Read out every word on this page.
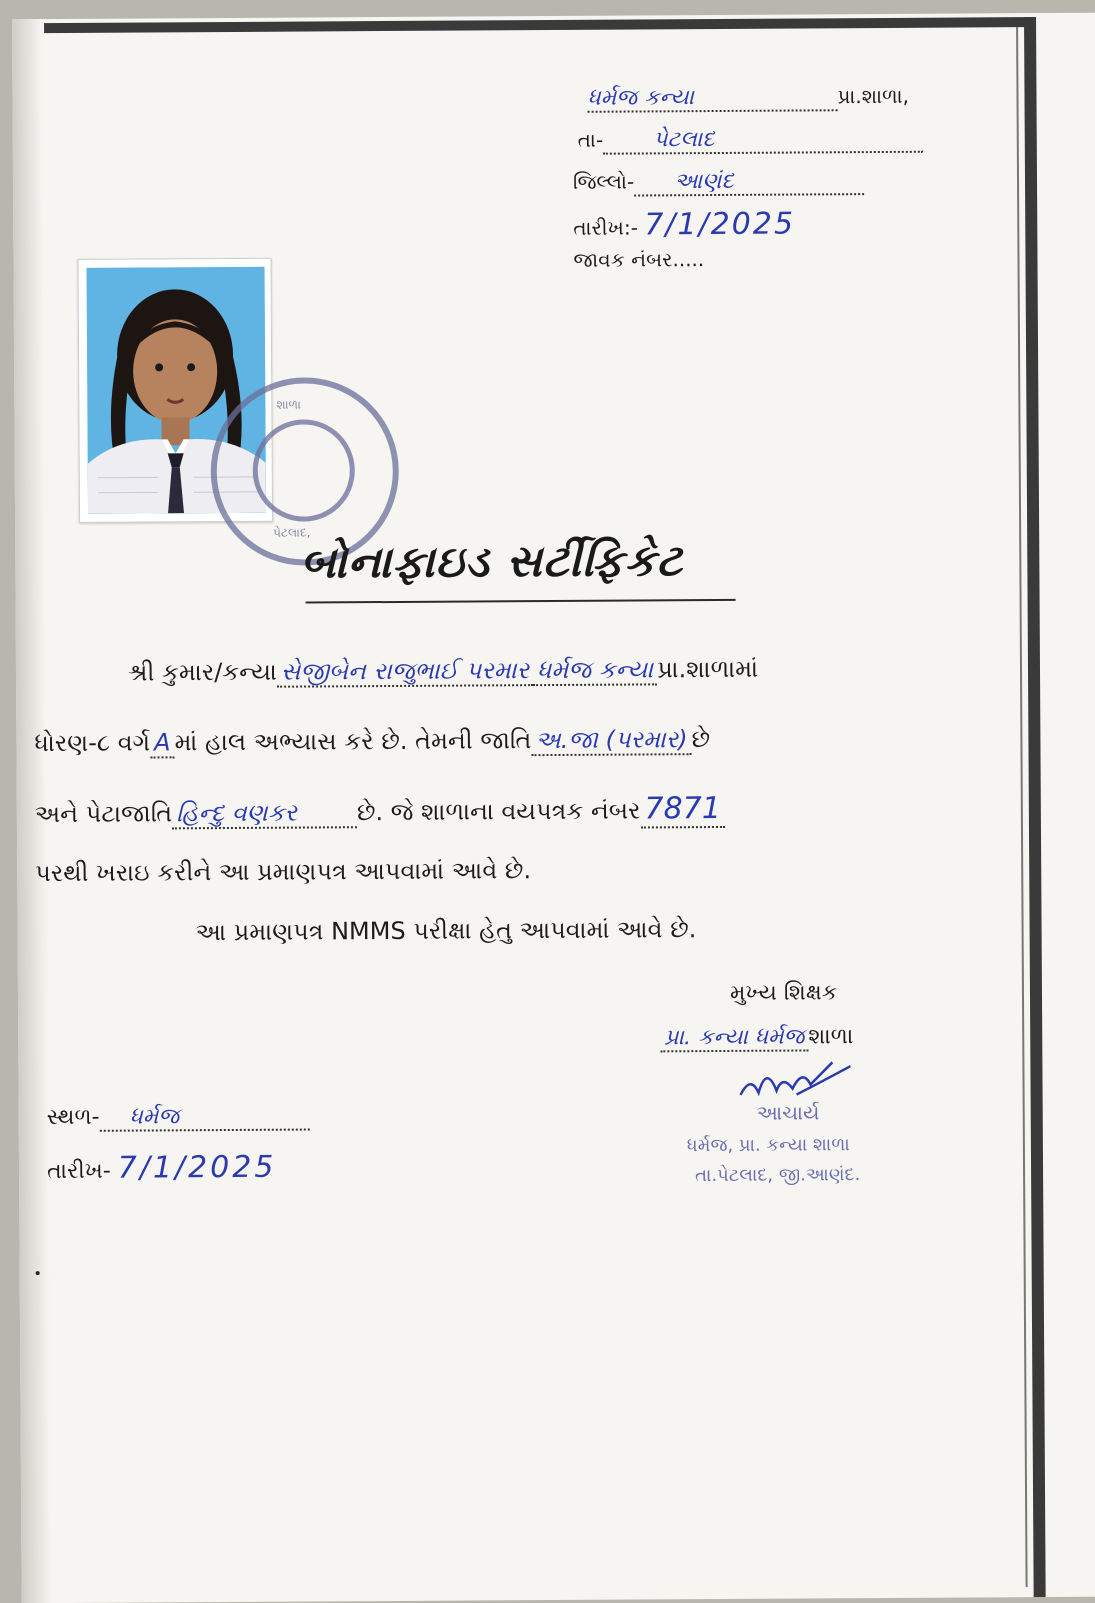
ધર્મજ કન્યા	પ્રા.શાળા,
તા- પેટલાદ
જિલ્લો- આણંદ
તારીખ:- 7/1/2025
જાવક નંબર.....
શાળા
પેટલાદ,
બોનાફાઇડ સર્ટીફિકેટ
શ્રી કુમાર/કન્યા સેજીબેન રાજુભાઈ પરમાર ધર્મજ કન્યા પ્રા.શાળામાં
ધોરણ-૮ વર્ગ A માં હાલ અભ્યાસ કરે છે. તેમની જાતિ અ.જા (પરમાર) છે
અને પેટાજાતિ હિન્દુ વણકર છે. જે શાળાના વયપત્રક નંબર 7871
પરથી ખરાઇ કરીને આ પ્રમાણપત્ર આપવામાં આવે છે.
આ પ્રમાણપત્ર NMMS પરીક્ષા હેતુ આપવામાં આવે છે.
મુખ્ય શિક્ષક
પ્રા. કન્યા ધર્મજ શાળા
આચાર્ય
ધર્મજ, પ્રા. કન્યા શાળા
તા.પેટલાદ, જી.આણંદ.
સ્થળ- ધર્મજ
તારીખ- 7/1/2025
